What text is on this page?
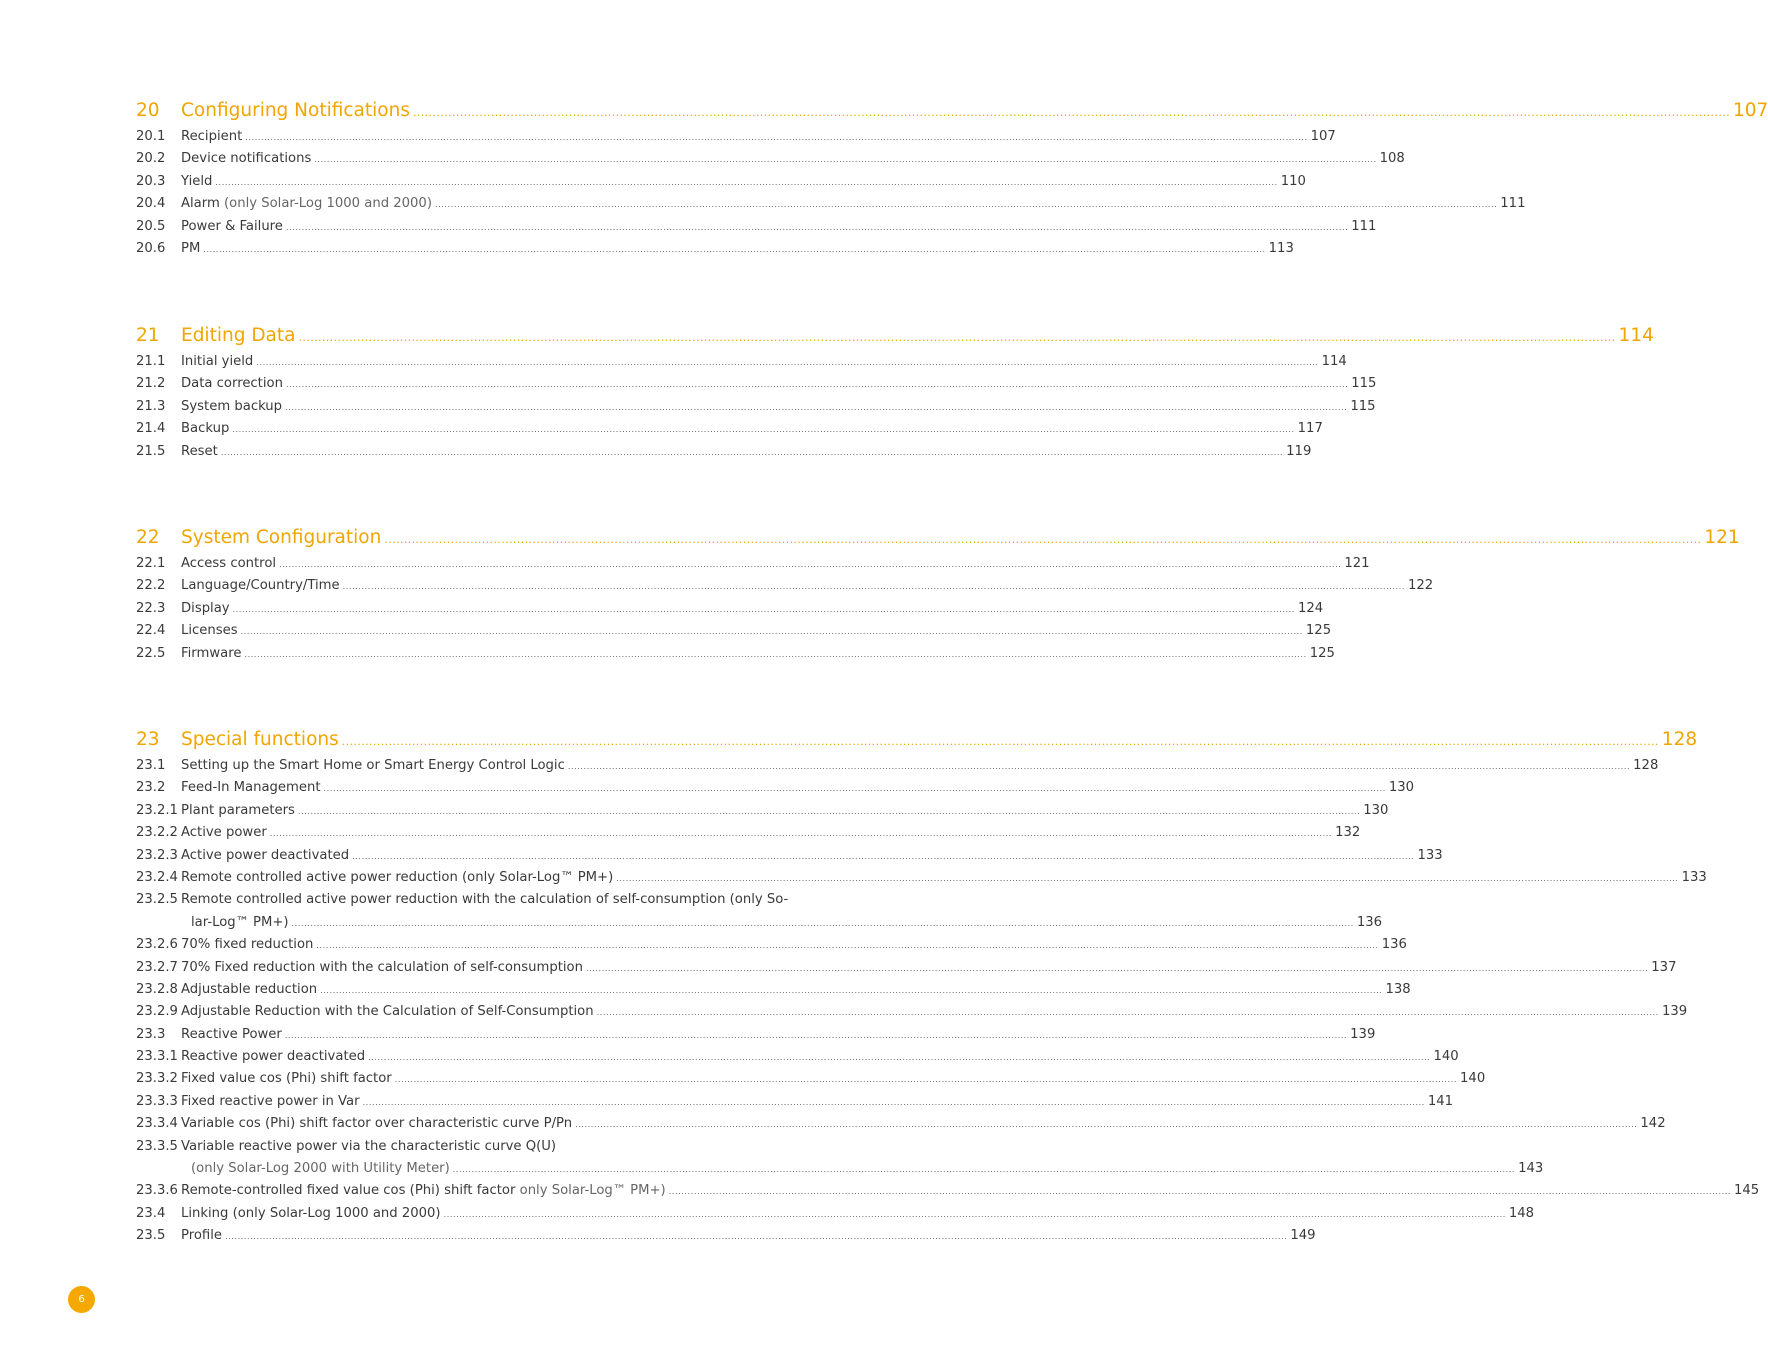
20	Configuring Notifications .....	107
20.1	Recipient .....	107
20.2	Device notifications .....	108
20.3	Yield .....	110
20.4	Alarm (only Solar-Log 1000 and 2000) .....	111
20.5	Power & Failure .....	111
20.6	PM .....	113
21	Editing Data .....	114
21.1	Initial yield .....	114
21.2	Data correction .....	115
21.3	System backup .....	115
21.4	Backup .....	117
21.5	Reset .....	119
22	System Configuration .....	121
22.1	Access control .....	121
22.2	Language/Country/Time .....	122
22.3	Display .....	124
22.4	Licenses .....	125
22.5	Firmware .....	125
23	Special functions .....	128
23.1	Setting up the Smart Home or Smart Energy Control Logic .....	128
23.2	Feed-In Management .....	130
23.2.1 Plant parameters .....	130
23.2.2 Active power .....	132
23.2.3 Active power deactivated .....	133
23.2.4 Remote controlled active power reduction (only Solar-Log™ PM+) .....	133
23.2.5 Remote controlled active power reduction with the calculation of self-consumption (only So-
lar-Log™ PM+) .....	136
23.2.6 70% fixed reduction .....	136
23.2.7 70% Fixed reduction with the calculation of self-consumption .....	137
23.2.8 Adjustable reduction .....	138
23.2.9 Adjustable Reduction with the Calculation of Self-Consumption .....	139
23.3	Reactive Power .....	139
23.3.1 Reactive power deactivated .....	140
23.3.2 Fixed value cos (Phi) shift factor .....	140
23.3.3 Fixed reactive power in Var .....	141
23.3.4 Variable cos (Phi) shift factor over characteristic curve P/Pn .....	142
23.3.5 Variable reactive power via the characteristic curve Q(U)
(only Solar-Log 2000 with Utility Meter) .....	143
23.3.6 Remote-controlled fixed value cos (Phi) shift factor only Solar-Log™ PM+) .....	145
23.4	Linking (only Solar-Log 1000 and 2000) .....	148
23.5	Profile .....	149
6
